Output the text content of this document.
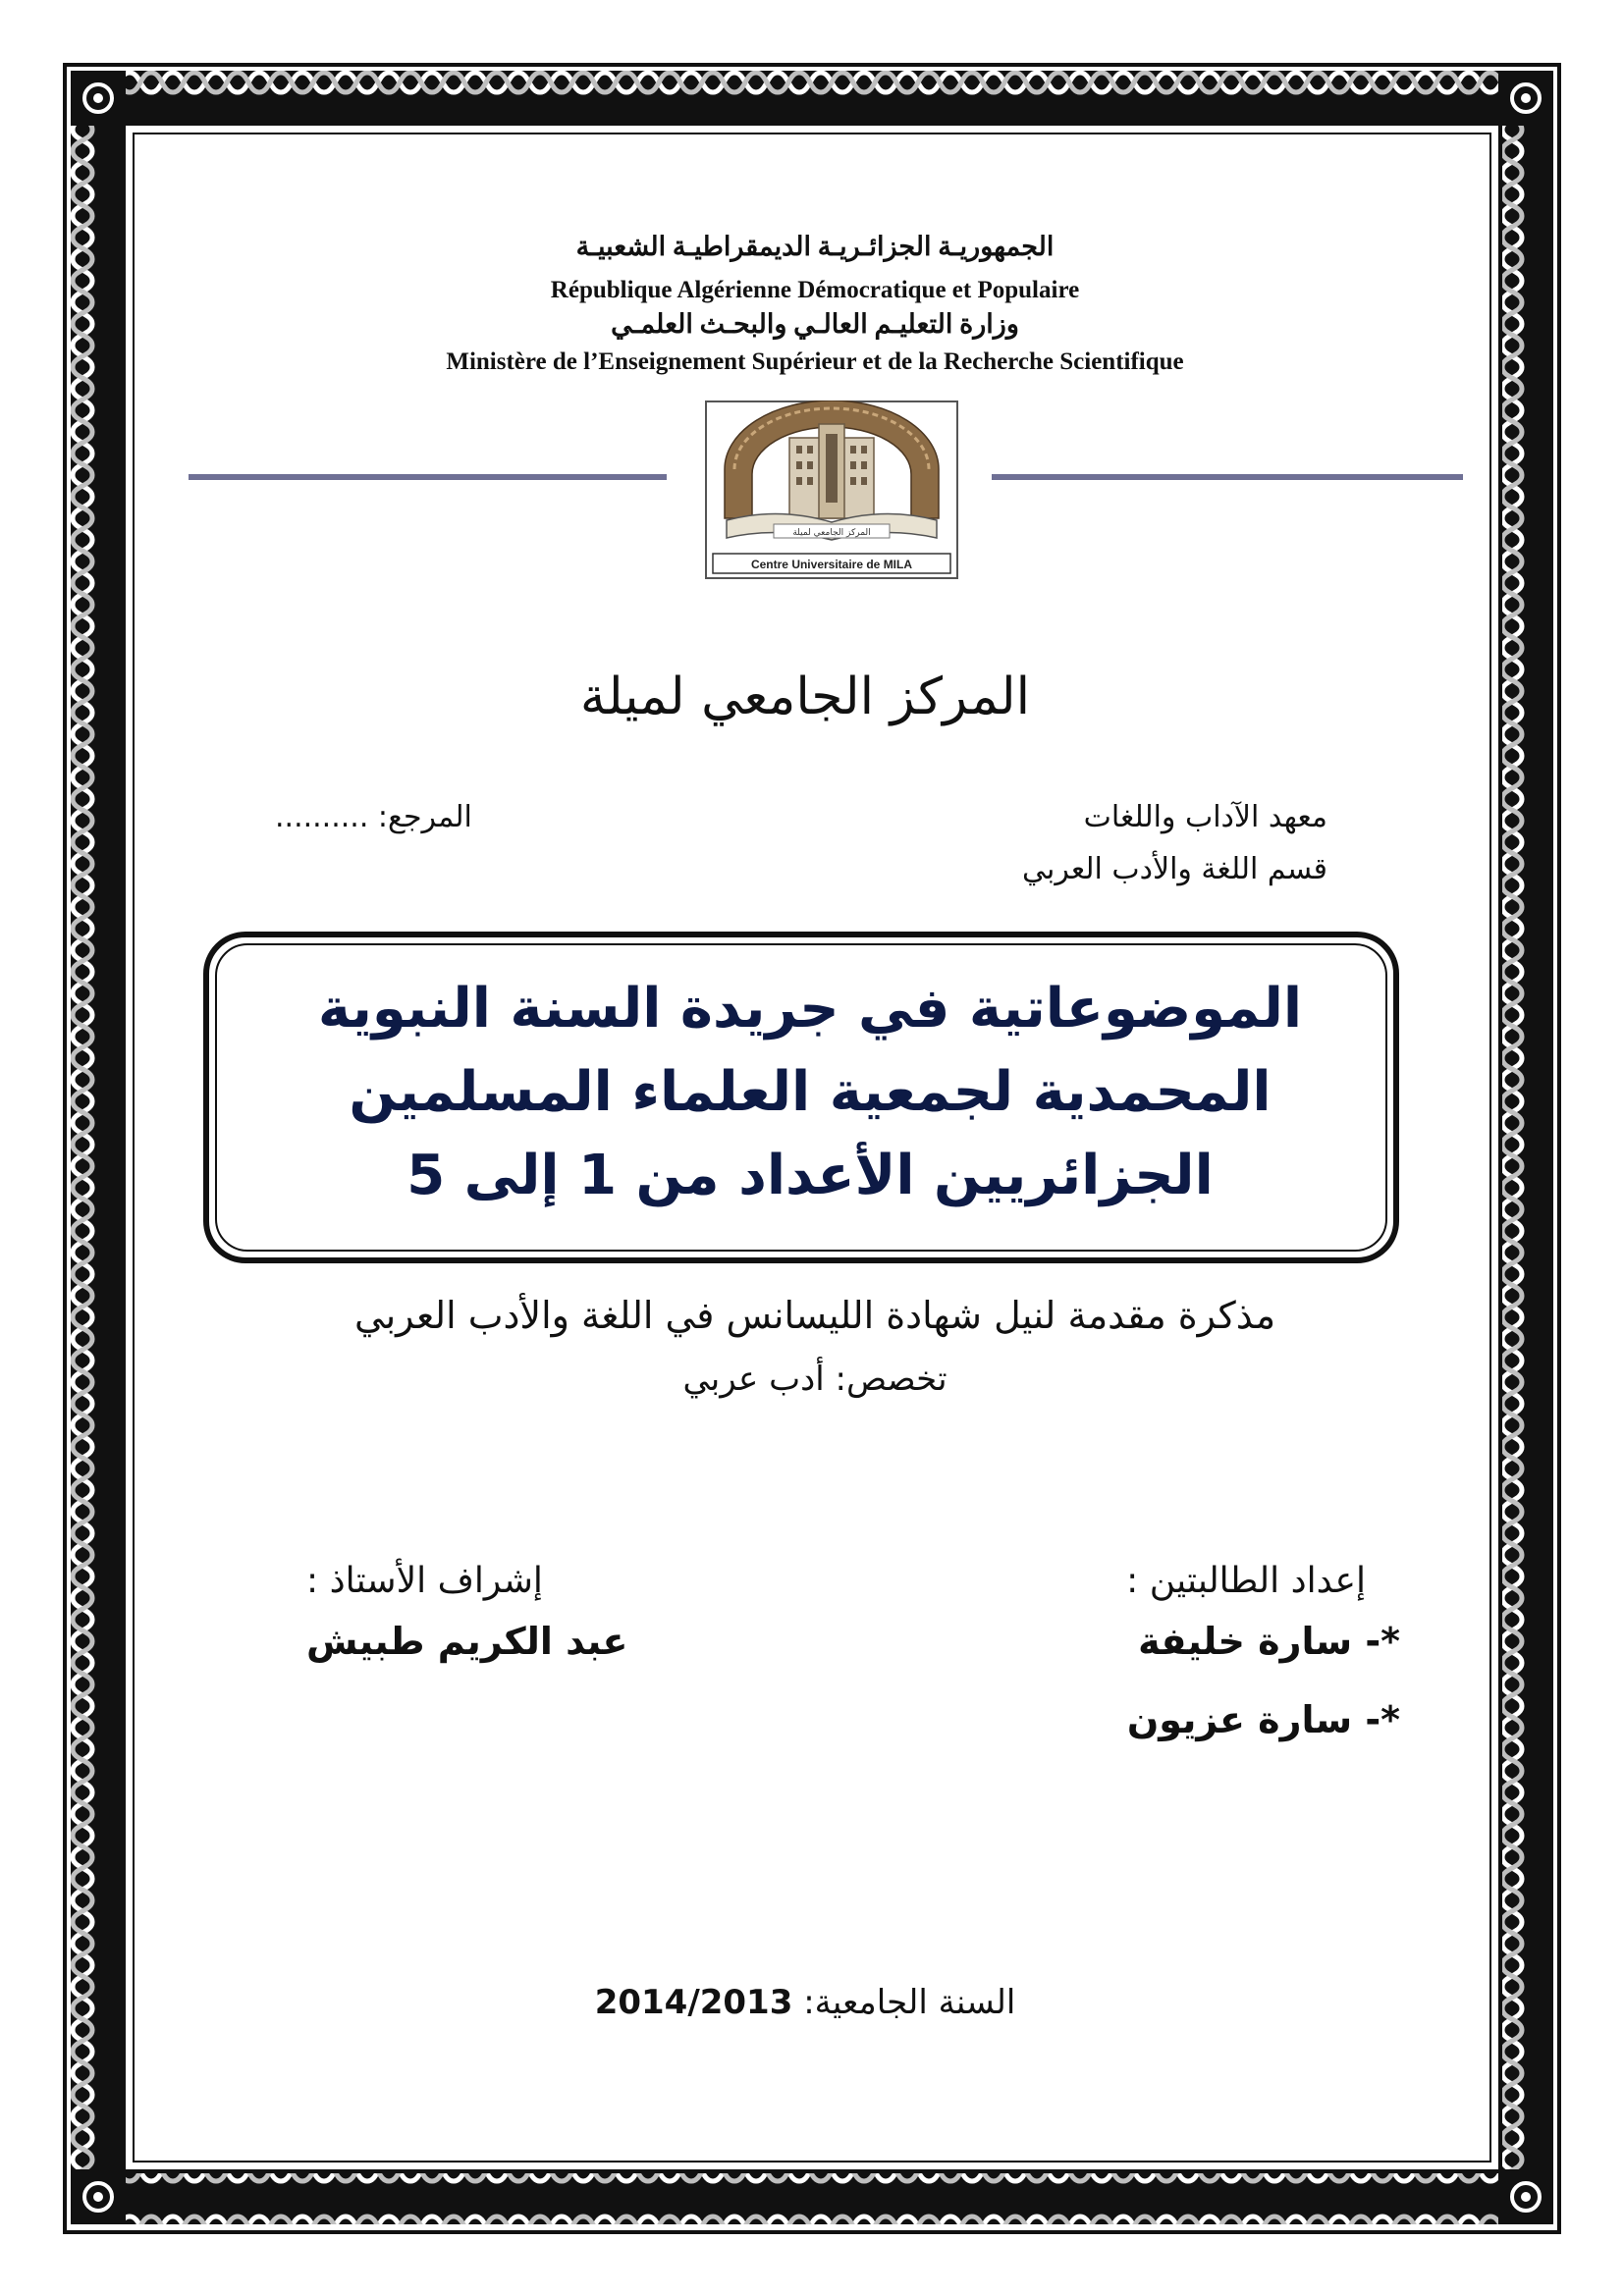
الجمهوريـة الجزائـريـة الديمقراطيـة الشعبيـة
République Algérienne Démocratique et Populaire
وزارة التعليـم العالـي والبحـث العلمـي
Ministère de l’Enseignement Supérieur et de la Recherche Scientifique
المركز الجامعي لميلة
Centre Universitaire de MILA
المركز الجامعي لميلة
معهد الآداب واللغات
قسم اللغة والأدب العربي
المرجع: ..........
الموضوعاتية في جريدة السنة النبوية
المحمدية لجمعية العلماء المسلمين
الجزائريين الأعداد من 1 إلى 5
مذكرة مقدمة لنيل شهادة الليسانس في اللغة والأدب العربي
تخصص: أدب عربي
إعداد الطالبتين :
*- سارة خليفة
*- سارة عزيون
إشراف الأستاذ :
عبد الكريم طبيش
السنة الجامعية: 2014/2013
